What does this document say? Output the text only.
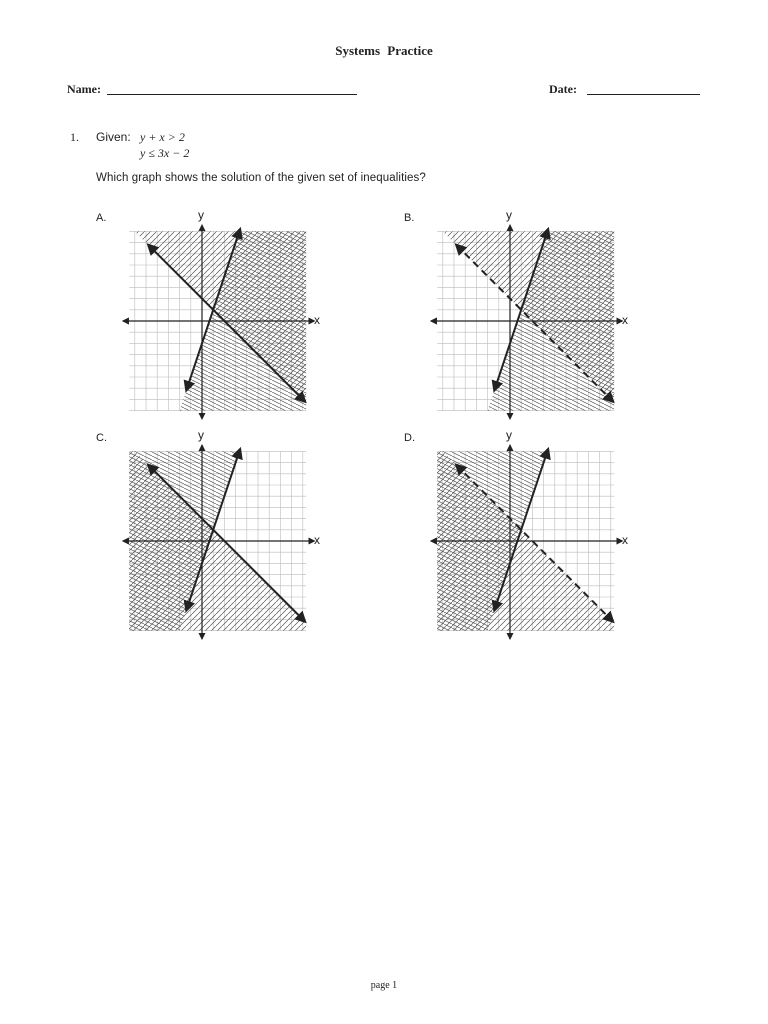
Systems Practice
Name:	Date:
1. Given: y + x > 2
y ≤ 3x − 2
Which graph shows the solution of the given set of inequalities?
A.	y
x
B.	y
x
C.	y
x
D.	y
x
page 1
